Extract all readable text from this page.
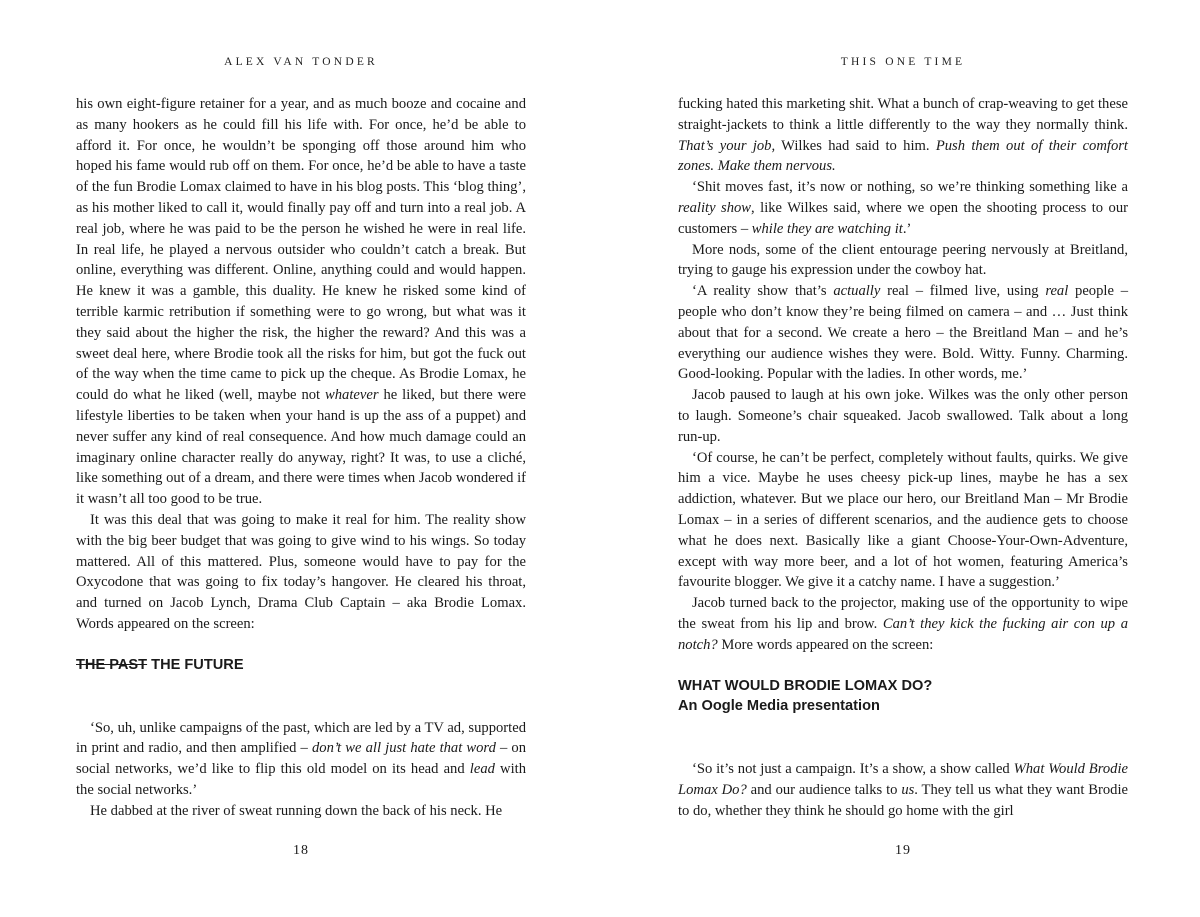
ALEX VAN TONDER

his own eight-figure retainer for a year, and as much booze and cocaine and as many hookers as he could fill his life with. For once, he’d be able to afford it. For once, he wouldn’t be sponging off those around him who hoped his fame would rub off on them. For once, he’d be able to have a taste of the fun Brodie Lomax claimed to have in his blog posts. This ‘blog thing’, as his mother liked to call it, would finally pay off and turn into a real job. A real job, where he was paid to be the person he wished he were in real life. In real life, he played a nervous outsider who couldn’t catch a break. But online, everything was different. Online, anything could and would happen. He knew it was a gamble, this duality. He knew he risked some kind of terrible karmic retribution if something were to go wrong, but what was it they said about the higher the risk, the higher the reward? And this was a sweet deal here, where Brodie took all the risks for him, but got the fuck out of the way when the time came to pick up the cheque. As Brodie Lomax, he could do what he liked (well, maybe not whatever he liked, but there were lifestyle liberties to be taken when your hand is up the ass of a puppet) and never suffer any kind of real consequence. And how much damage could an imaginary online character really do anyway, right? It was, to use a cliché, like something out of a dream, and there were times when Jacob wondered if it wasn’t all too good to be true.

It was this deal that was going to make it real for him. The reality show with the big beer budget that was going to give wind to his wings. So today mattered. All of this mattered. Plus, someone would have to pay for the Oxycodone that was going to fix today’s hangover. He cleared his throat, and turned on Jacob Lynch, Drama Club Captain – aka Brodie Lomax. Words appeared on the screen:

THE PAST THE FUTURE

‘So, uh, unlike campaigns of the past, which are led by a TV ad, supported in print and radio, and then amplified – don’t we all just hate that word – on social networks, we’d like to flip this old model on its head and lead with the social networks.’

He dabbed at the river of sweat running down the back of his neck. He

18
THIS ONE TIME

fucking hated this marketing shit. What a bunch of crap-weaving to get these straight-jackets to think a little differently to the way they normally think. That’s your job, Wilkes had said to him. Push them out of their comfort zones. Make them nervous.

‘Shit moves fast, it’s now or nothing, so we’re thinking something like a reality show, like Wilkes said, where we open the shooting process to our customers – while they are watching it.’

More nods, some of the client entourage peering nervously at Breitland, trying to gauge his expression under the cowboy hat.

‘A reality show that’s actually real – filmed live, using real people – people who don’t know they’re being filmed on camera – and … Just think about that for a second. We create a hero – the Breitland Man – and he’s everything our audience wishes they were. Bold. Witty. Funny. Charming. Good-looking. Popular with the ladies. In other words, me.’

Jacob paused to laugh at his own joke. Wilkes was the only other person to laugh. Someone’s chair squeaked. Jacob swallowed. Talk about a long run-up.

‘Of course, he can’t be perfect, completely without faults, quirks. We give him a vice. Maybe he uses cheesy pick-up lines, maybe he has a sex addiction, whatever. But we place our hero, our Breitland Man – Mr Brodie Lomax – in a series of different scenarios, and the audience gets to choose what he does next. Basically like a giant Choose-Your-Own-Adventure, except with way more beer, and a lot of hot women, featuring America’s favourite blogger. We give it a catchy name. I have a suggestion.’

Jacob turned back to the projector, making use of the opportunity to wipe the sweat from his lip and brow. Can’t they kick the fucking air con up a notch? More words appeared on the screen:

WHAT WOULD BRODIE LOMAX DO?

An Oogle Media presentation

‘So it’s not just a campaign. It’s a show, a show called What Would Brodie Lomax Do? and our audience talks to us. They tell us what they want Brodie to do, whether they think he should go home with the girl

19
